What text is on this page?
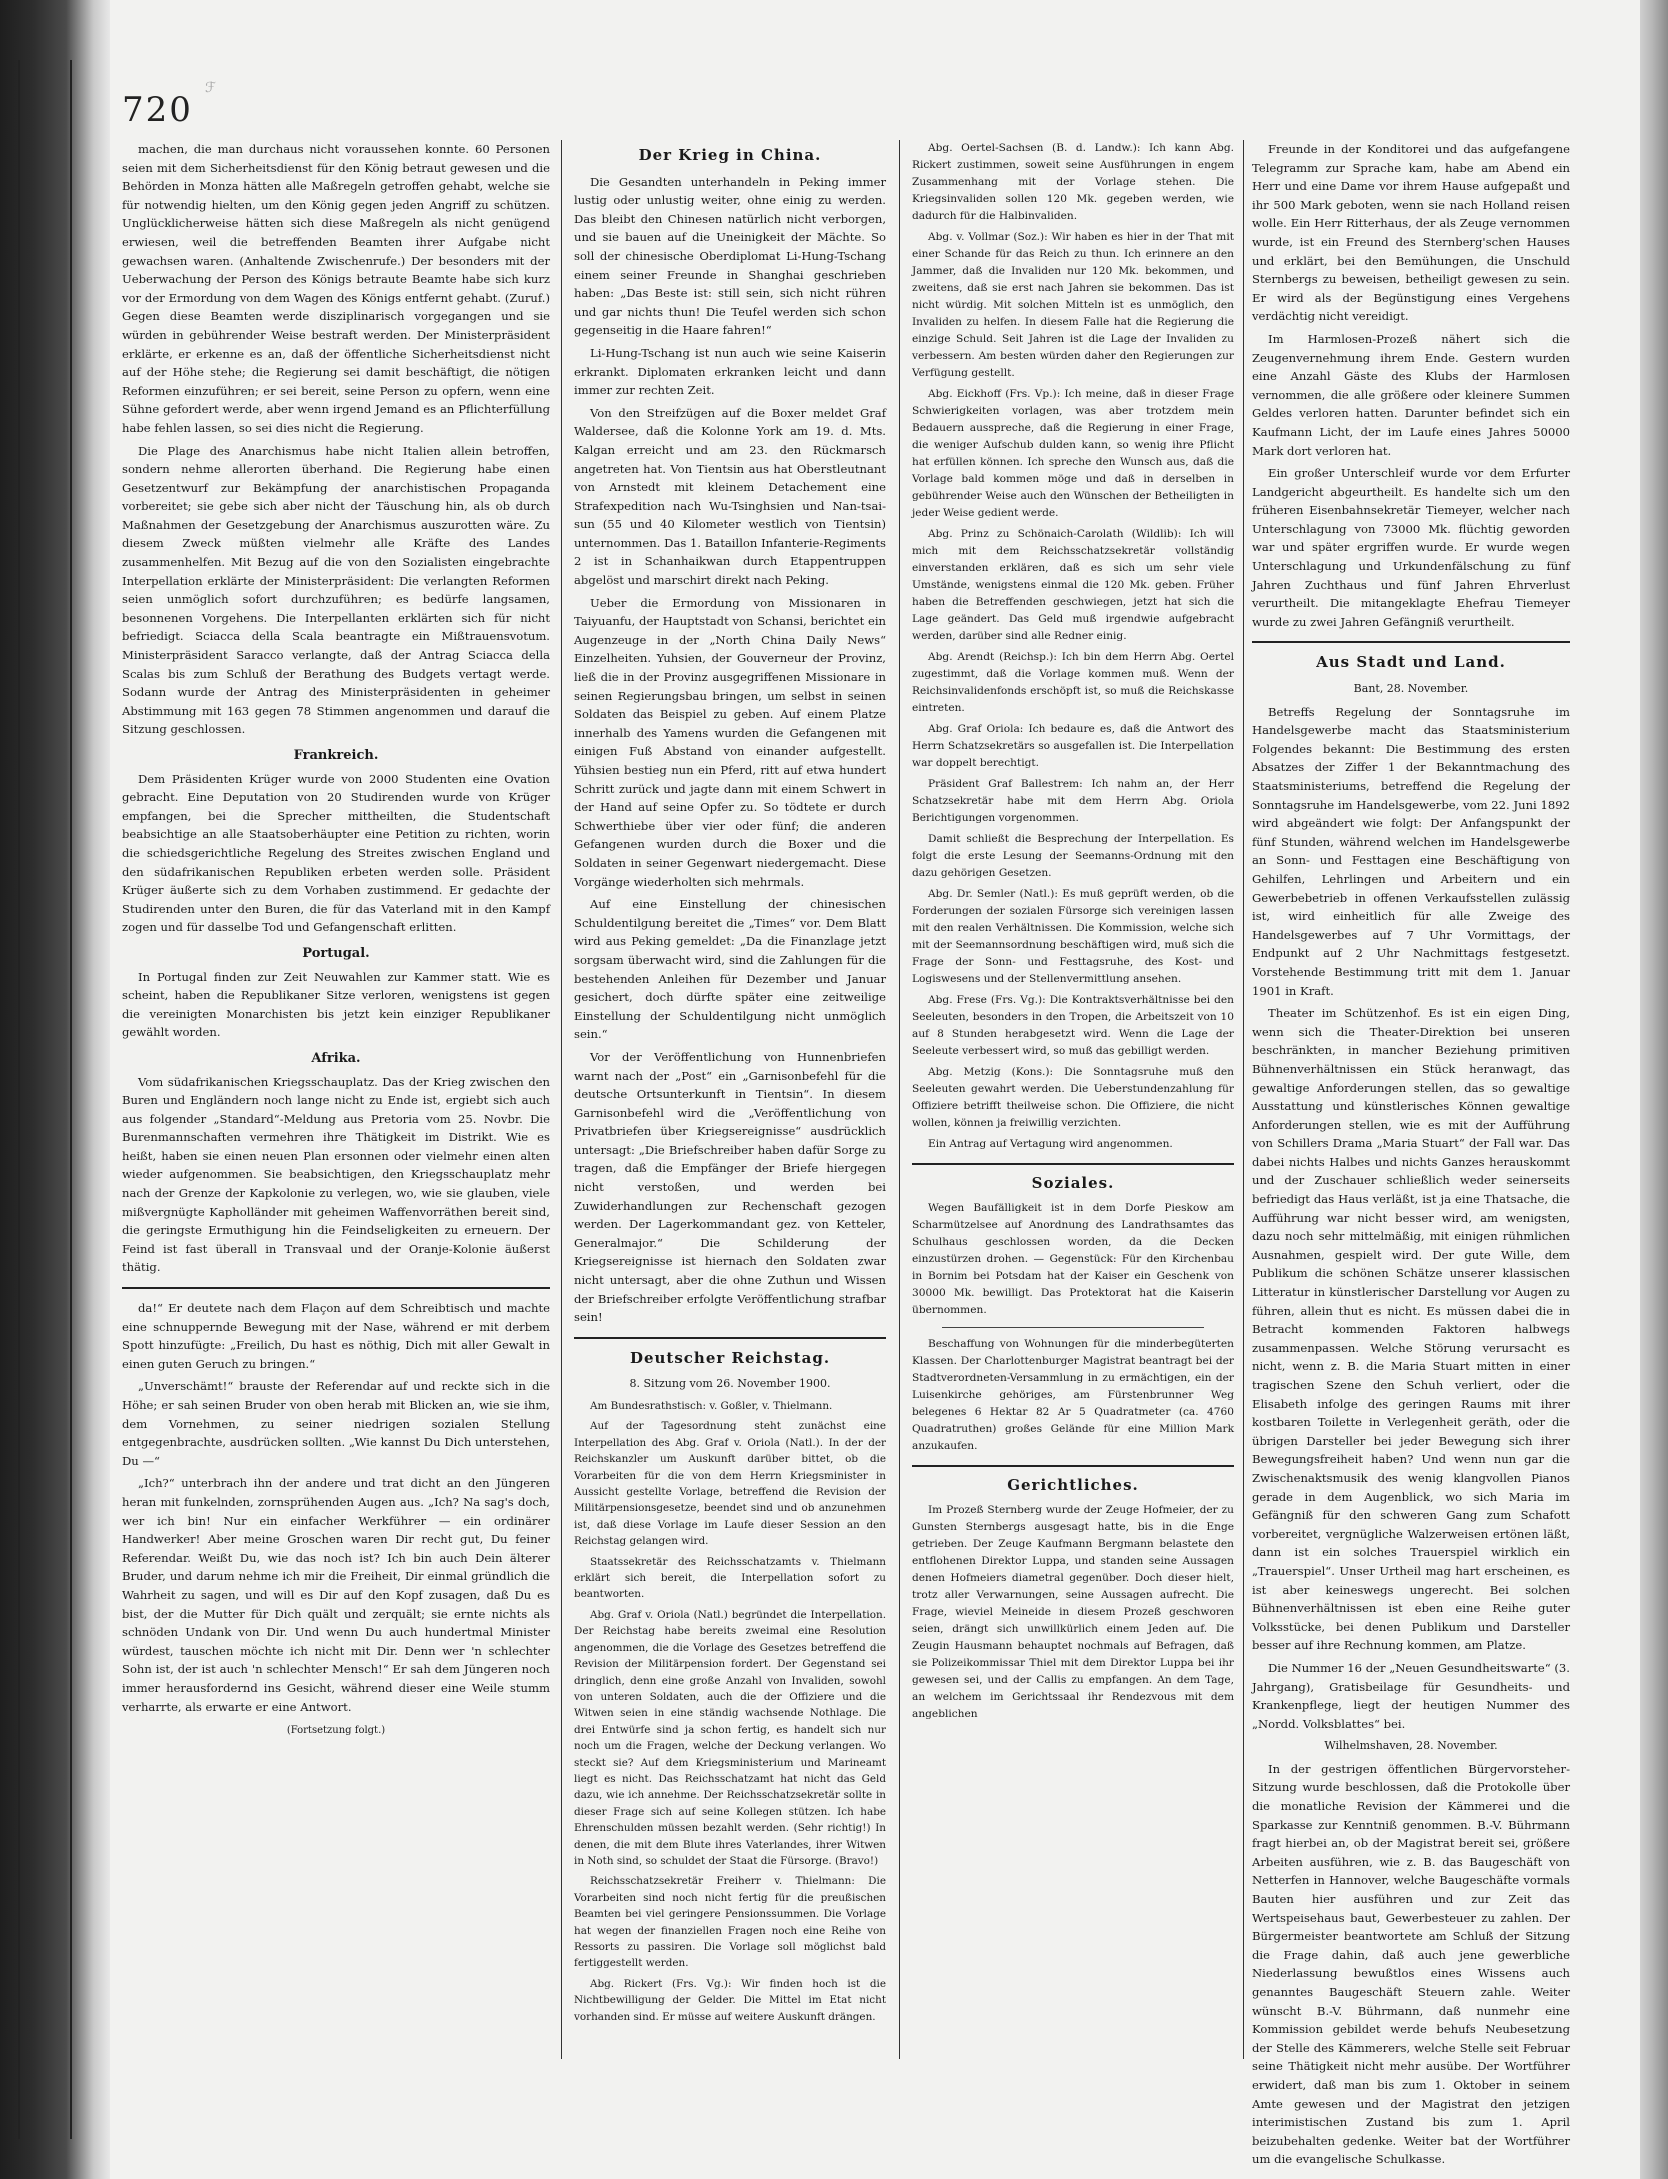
720
ℱ

machen, die man durchaus nicht voraussehen konnte. 60 Personen seien mit dem Sicherheitsdienst für den König betraut gewesen und die Behörden in Monza hätten alle Maßregeln getroffen gehabt, welche sie für notwendig hielten, um den König gegen jeden Angriff zu schützen. Unglücklicherweise hätten sich diese Maßregeln als nicht genügend erwiesen, weil die betreffenden Beamten ihrer Aufgabe nicht gewachsen waren. (Anhaltende Zwischenrufe.) Der besonders mit der Ueberwachung der Person des Königs betraute Beamte habe sich kurz vor der Ermordung von dem Wagen des Königs entfernt gehabt. (Zuruf.) Gegen diese Beamten werde disziplinarisch vorgegangen und sie würden in gebührender Weise bestraft werden. Der Ministerpräsident erklärte, er erkenne es an, daß der öffentliche Sicherheitsdienst nicht auf der Höhe stehe; die Regierung sei damit beschäftigt, die nötigen Reformen einzuführen; er sei bereit, seine Person zu opfern, wenn eine Sühne gefordert werde, aber wenn irgend Jemand es an Pflichterfüllung habe fehlen lassen, so sei dies nicht die Regierung.

Die Plage des Anarchismus habe nicht Italien allein betroffen, sondern nehme allerorten überhand. Die Regierung habe einen Gesetzentwurf zur Bekämpfung der anarchistischen Propaganda vorbereitet; sie gebe sich aber nicht der Täuschung hin, als ob durch Maßnahmen der Gesetzgebung der Anarchismus auszurotten wäre. Zu diesem Zweck müßten vielmehr alle Kräfte des Landes zusammenhelfen. Mit Bezug auf die von den Sozialisten eingebrachte Interpellation erklärte der Ministerpräsident: Die verlangten Reformen seien unmöglich sofort durchzuführen; es bedürfe langsamen, besonnenen Vorgehens. Die Interpellanten erklärten sich für nicht befriedigt. Sciacca della Scala beantragte ein Mißtrauensvotum. Ministerpräsident Saracco verlangte, daß der Antrag Sciacca della Scalas bis zum Schluß der Berathung des Budgets vertagt werde. Sodann wurde der Antrag des Ministerpräsidenten in geheimer Abstimmung mit 163 gegen 78 Stimmen angenommen und darauf die Sitzung geschlossen.

Frankreich.

Dem Präsidenten Krüger wurde von 2000 Studenten eine Ovation gebracht. Eine Deputation von 20 Studirenden wurde von Krüger empfangen, bei die Sprecher mittheilten, die Studentschaft beabsichtige an alle Staatsoberhäupter eine Petition zu richten, worin die schiedsgerichtliche Regelung des Streites zwischen England und den südafrikanischen Republiken erbeten werden solle. Präsident Krüger äußerte sich zu dem Vorhaben zustimmend. Er gedachte der Studirenden unter den Buren, die für das Vaterland mit in den Kampf zogen und für dasselbe Tod und Gefangenschaft erlitten.

Portugal.

In Portugal finden zur Zeit Neuwahlen zur Kammer statt. Wie es scheint, haben die Republikaner Sitze verloren, wenigstens ist gegen die vereinigten Monarchisten bis jetzt kein einziger Republikaner gewählt worden.

Afrika.

Vom südafrikanischen Kriegsschauplatz. Das der Krieg zwischen den Buren und Engländern noch lange nicht zu Ende ist, ergiebt sich auch aus folgender „Standard“-Meldung aus Pretoria vom 25. Novbr. Die Burenmannschaften vermehren ihre Thätigkeit im Distrikt. Wie es heißt, haben sie einen neuen Plan ersonnen oder vielmehr einen alten wieder aufgenommen. Sie beabsichtigen, den Kriegsschauplatz mehr nach der Grenze der Kapkolonie zu verlegen, wo, wie sie glauben, viele mißvergnügte Kapholländer mit geheimen Waffenvorräthen bereit sind, die geringste Ermuthigung hin die Feindseligkeiten zu erneuern. Der Feind ist fast überall in Transvaal und der Oranje-Kolonie äußerst thätig.

da!“ Er deutete nach dem Flaçon auf dem Schreibtisch und machte eine schnuppernde Bewegung mit der Nase, während er mit derbem Spott hinzufügte: „Freilich, Du hast es nöthig, Dich mit aller Gewalt in einen guten Geruch zu bringen.“

„Unverschämt!“ brauste der Referendar auf und reckte sich in die Höhe; er sah seinen Bruder von oben herab mit Blicken an, wie sie ihm, dem Vornehmen, zu seiner niedrigen sozialen Stellung entgegenbrachte, ausdrücken sollten. „Wie kannst Du Dich unterstehen, Du —“

„Ich?“ unterbrach ihn der andere und trat dicht an den Jüngeren heran mit funkelnden, zornsprühenden Augen aus. „Ich? Na sag's doch, wer ich bin! Nur ein einfacher Werkführer — ein ordinärer Handwerker! Aber meine Groschen waren Dir recht gut, Du feiner Referendar. Weißt Du, wie das noch ist? Ich bin auch Dein älterer Bruder, und darum nehme ich mir die Freiheit, Dir einmal gründlich die Wahrheit zu sagen, und will es Dir auf den Kopf zusagen, daß Du es bist, der die Mutter für Dich quält und zerquält; sie ernte nichts als schnöden Undank von Dir. Und wenn Du auch hundertmal Minister würdest, tauschen möchte ich nicht mit Dir. Denn wer 'n schlechter Sohn ist, der ist auch 'n schlechter Mensch!“ Er sah dem Jüngeren noch immer herausfordernd ins Gesicht, während dieser eine Weile stumm verharrte, als erwarte er eine Antwort.

(Fortsetzung folgt.)
Der Krieg in China.

Die Gesandten unterhandeln in Peking immer lustig oder unlustig weiter, ohne einig zu werden. Das bleibt den Chinesen natürlich nicht verborgen, und sie bauen auf die Uneinigkeit der Mächte. So soll der chinesische Oberdiplomat Li-Hung-Tschang einem seiner Freunde in Shanghai geschrieben haben: „Das Beste ist: still sein, sich nicht rühren und gar nichts thun! Die Teufel werden sich schon gegenseitig in die Haare fahren!“

Li-Hung-Tschang ist nun auch wie seine Kaiserin erkrankt. Diplomaten erkranken leicht und dann immer zur rechten Zeit.

Von den Streifzügen auf die Boxer meldet Graf Waldersee, daß die Kolonne York am 19. d. Mts. Kalgan erreicht und am 23. den Rückmarsch angetreten hat. Von Tientsin aus hat Oberstleutnant von Arnstedt mit kleinem Detachement eine Strafexpedition nach Wu-Tsinghsien und Nan-tsai-sun (55 und 40 Kilometer westlich von Tientsin) unternommen. Das 1. Bataillon Infanterie-Regiments 2 ist in Schanhaikwan durch Etappentruppen abgelöst und marschirt direkt nach Peking.

Ueber die Ermordung von Missionaren in Taiyuanfu, der Hauptstadt von Schansi, berichtet ein Augenzeuge in der „North China Daily News“ Einzelheiten. Yuhsien, der Gouverneur der Provinz, ließ die in der Provinz ausgegriffenen Missionare in seinen Regierungsbau bringen, um selbst in seinen Soldaten das Beispiel zu geben. Auf einem Platze innerhalb des Yamens wurden die Gefangenen mit einigen Fuß Abstand von einander aufgestellt. Yühsien bestieg nun ein Pferd, ritt auf etwa hundert Schritt zurück und jagte dann mit einem Schwert in der Hand auf seine Opfer zu. So tödtete er durch Schwerthiebe über vier oder fünf; die anderen Gefangenen wurden durch die Boxer und die Soldaten in seiner Gegenwart niedergemacht. Diese Vorgänge wiederholten sich mehrmals.

Auf eine Einstellung der chinesischen Schuldentilgung bereitet die „Times“ vor. Dem Blatt wird aus Peking gemeldet: „Da die Finanzlage jetzt sorgsam überwacht wird, sind die Zahlungen für die bestehenden Anleihen für Dezember und Januar gesichert, doch dürfte später eine zeitweilige Einstellung der Schuldentilgung nicht unmöglich sein.“

Vor der Veröffentlichung von Hunnenbriefen warnt nach der „Post“ ein „Garnisonbefehl für die deutsche Ortsunterkunft in Tientsin“. In diesem Garnisonbefehl wird die „Veröffentlichung von Privatbriefen über Kriegsereignisse“ ausdrücklich untersagt: „Die Briefschreiber haben dafür Sorge zu tragen, daß die Empfänger der Briefe hiergegen nicht verstoßen, und werden bei Zuwiderhandlungen zur Rechenschaft gezogen werden. Der Lagerkommandant gez. von Ketteler, Generalmajor.“ Die Schilderung der Kriegsereignisse ist hiernach den Soldaten zwar nicht untersagt, aber die ohne Zuthun und Wissen der Briefschreiber erfolgte Veröffentlichung strafbar sein!

Deutscher Reichstag.
8. Sitzung vom 26. November 1900.

Am Bundesrathstisch: v. Goßler, v. Thielmann.

Auf der Tagesordnung steht zunächst eine Interpellation des Abg. Graf v. Oriola (Natl.). In der der Reichskanzler um Auskunft darüber bittet, ob die Vorarbeiten für die von dem Herrn Kriegsminister in Aussicht gestellte Vorlage, betreffend die Revision der Militärpensionsgesetze, beendet sind und ob anzunehmen ist, daß diese Vorlage im Laufe dieser Session an den Reichstag gelangen wird.

Staatssekretär des Reichsschatzamts v. Thielmann erklärt sich bereit, die Interpellation sofort zu beantworten.

Abg. Graf v. Oriola (Natl.) begründet die Interpellation. Der Reichstag habe bereits zweimal eine Resolution angenommen, die die Vorlage des Gesetzes betreffend die Revision der Militärpension fordert. Der Gegenstand sei dringlich, denn eine große Anzahl von Invaliden, sowohl von unteren Soldaten, auch die der Offiziere und die Witwen seien in eine ständig wachsende Nothlage. Die drei Entwürfe sind ja schon fertig, es handelt sich nur noch um die Fragen, welche der Deckung verlangen. Wo steckt sie? Auf dem Kriegsministerium und Marineamt liegt es nicht. Das Reichsschatzamt hat nicht das Geld dazu, wie ich annehme. Der Reichsschatzsekretär sollte in dieser Frage sich auf seine Kollegen stützen. Ich habe Ehrenschulden müssen bezahlt werden. (Sehr richtig!) In denen, die mit dem Blute ihres Vaterlandes, ihrer Witwen in Noth sind, so schuldet der Staat die Fürsorge. (Bravo!)

Reichsschatzsekretär Freiherr v. Thielmann: Die Vorarbeiten sind noch nicht fertig für die preußischen Beamten bei viel geringere Pensionssummen. Die Vorlage hat wegen der finanziellen Fragen noch eine Reihe von Ressorts zu passiren. Die Vorlage soll möglichst bald fertiggestellt werden.

Abg. Rickert (Frs. Vg.): Wir finden hoch ist die Nichtbewilligung der Gelder. Die Mittel im Etat nicht vorhanden sind. Er müsse auf weitere Auskunft drängen.

Abg. Oertel-Sachsen (B. d. Landw.): Ich kann Abg. Rickert zustimmen, soweit seine Ausführungen in engem Zusammenhang mit der Vorlage stehen. Die Kriegsinvaliden sollen 120 Mk. gegeben werden, wie dadurch für die Halbinvaliden.

Abg. v. Vollmar (Soz.): Wir haben es hier in der That mit einer Schande für das Reich zu thun. Ich erinnere an den Jammer, daß die Invaliden nur 120 Mk. bekommen, und zweitens, daß sie erst nach Jahren sie bekommen. Das ist nicht würdig. Mit solchen Mitteln ist es unmöglich, den Invaliden zu helfen. In diesem Falle hat die Regierung die einzige Schuld. Seit Jahren ist die Lage der Invaliden zu verbessern. Am besten würden daher den Regierungen zur Verfügung gestellt.

Abg. Eickhoff (Frs. Vp.): Ich meine, daß in dieser Frage Schwierigkeiten vorlagen, was aber trotzdem mein Bedauern ausspreche, daß die Regierung in einer Frage, die weniger Aufschub dulden kann, so wenig ihre Pflicht hat erfüllen können. Ich spreche den Wunsch aus, daß die Vorlage bald kommen möge und daß in derselben in gebührender Weise auch den Wünschen der Betheiligten in jeder Weise gedient werde.

Abg. Prinz zu Schönaich-Carolath (Wildlib): Ich will mich mit dem Reichsschatzsekretär vollständig einverstanden erklären, daß es sich um sehr viele Umstände, wenigstens einmal die 120 Mk. geben. Früher haben die Betreffenden geschwiegen, jetzt hat sich die Lage geändert. Das Geld muß irgendwie aufgebracht werden, darüber sind alle Redner einig.

Abg. Arendt (Reichsp.): Ich bin dem Herrn Abg. Oertel zugestimmt, daß die Vorlage kommen muß. Wenn der Reichsinvalidenfonds erschöpft ist, so muß die Reichskasse eintreten.

Abg. Graf Oriola: Ich bedaure es, daß die Antwort des Herrn Schatzsekretärs so ausgefallen ist. Die Interpellation war doppelt berechtigt.

Präsident Graf Ballestrem: Ich nahm an, der Herr Schatzsekretär habe mit dem Herrn Abg. Oriola Berichtigungen vorgenommen.

Damit schließt die Besprechung der Interpellation. Es folgt die erste Lesung der Seemanns-Ordnung mit den dazu gehörigen Gesetzen.

Abg. Dr. Semler (Natl.): Es muß geprüft werden, ob die Forderungen der sozialen Fürsorge sich vereinigen lassen mit den realen Verhältnissen. Die Kommission, welche sich mit der Seemannsordnung beschäftigen wird, muß sich die Frage der Sonn- und Festtagsruhe, des Kost- und Logiswesens und der Stellenvermittlung ansehen.

Abg. Frese (Frs. Vg.): Die Kontraktsverhältnisse bei den Seeleuten, besonders in den Tropen, die Arbeitszeit von 10 auf 8 Stunden herabgesetzt wird. Wenn die Lage der Seeleute verbessert wird, so muß das gebilligt werden.

Abg. Metzig (Kons.): Die Sonntagsruhe muß den Seeleuten gewahrt werden. Die Ueberstundenzahlung für Offiziere betrifft theilweise schon. Die Offiziere, die nicht wollen, können ja freiwillig verzichten.

Ein Antrag auf Vertagung wird angenommen.

Soziales.

Wegen Baufälligkeit ist in dem Dorfe Pieskow am Scharmützelsee auf Anordnung des Landrathsamtes das Schulhaus geschlossen worden, da die Decken einzustürzen drohen. — Gegenstück: Für den Kirchenbau in Bornim bei Potsdam hat der Kaiser ein Geschenk von 30000 Mk. bewilligt. Das Protektorat hat die Kaiserin übernommen.

Beschaffung von Wohnungen für die minderbegüterten Klassen. Der Charlottenburger Magistrat beantragt bei der Stadtverordneten-Versammlung in zu ermächtigen, ein der Luisenkirche gehöriges, am Fürstenbrunner Weg belegenes 6 Hektar 82 Ar 5 Quadratmeter (ca. 4760 Quadratruthen) großes Gelände für eine Million Mark anzukaufen.

Gerichtliches.

Im Prozeß Sternberg wurde der Zeuge Hofmeier, der zu Gunsten Sternbergs ausgesagt hatte, bis in die Enge getrieben. Der Zeuge Kaufmann Bergmann belastete den entflohenen Direktor Luppa, und standen seine Aussagen denen Hofmeiers diametral gegenüber. Doch dieser hielt, trotz aller Verwarnungen, seine Aussagen aufrecht. Die Frage, wieviel Meineide in diesem Prozeß geschworen seien, drängt sich unwillkürlich einem Jeden auf. Die Zeugin Hausmann behauptet nochmals auf Befragen, daß sie Polizeikommissar Thiel mit dem Direktor Luppa bei ihr gewesen sei, und der Callis zu empfangen. An dem Tage, an welchem im Gerichtssaal ihr Rendezvous mit dem angeblichen

Freunde in der Konditorei und das aufgefangene Telegramm zur Sprache kam, habe am Abend ein Herr und eine Dame vor ihrem Hause aufgepaßt und ihr 500 Mark geboten, wenn sie nach Holland reisen wolle. Ein Herr Ritterhaus, der als Zeuge vernommen wurde, ist ein Freund des Sternberg'schen Hauses und erklärt, bei den Bemühungen, die Unschuld Sternbergs zu beweisen, betheiligt gewesen zu sein. Er wird als der Begünstigung eines Vergehens verdächtig nicht vereidigt.

Im Harmlosen-Prozeß nähert sich die Zeugenvernehmung ihrem Ende. Gestern wurden eine Anzahl Gäste des Klubs der Harmlosen vernommen, die alle größere oder kleinere Summen Geldes verloren hatten. Darunter befindet sich ein Kaufmann Licht, der im Laufe eines Jahres 50000 Mark dort verloren hat.

Ein großer Unterschleif wurde vor dem Erfurter Landgericht abgeurtheilt. Es handelte sich um den früheren Eisenbahnsekretär Tiemeyer, welcher nach Unterschlagung von 73000 Mk. flüchtig geworden war und später ergriffen wurde. Er wurde wegen Unterschlagung und Urkundenfälschung zu fünf Jahren Zuchthaus und fünf Jahren Ehrverlust verurtheilt. Die mitangeklagte Ehefrau Tiemeyer wurde zu zwei Jahren Gefängniß verurtheilt.

Aus Stadt und Land.
Bant, 28. November.

Betreffs Regelung der Sonntagsruhe im Handelsgewerbe macht das Staatsministerium Folgendes bekannt: Die Bestimmung des ersten Absatzes der Ziffer 1 der Bekanntmachung des Staatsministeriums, betreffend die Regelung der Sonntagsruhe im Handelsgewerbe, vom 22. Juni 1892 wird abgeändert wie folgt: Der Anfangspunkt der fünf Stunden, während welchen im Handelsgewerbe an Sonn- und Festtagen eine Beschäftigung von Gehilfen, Lehrlingen und Arbeitern und ein Gewerbebetrieb in offenen Verkaufsstellen zulässig ist, wird einheitlich für alle Zweige des Handelsgewerbes auf 7 Uhr Vormittags, der Endpunkt auf 2 Uhr Nachmittags festgesetzt. Vorstehende Bestimmung tritt mit dem 1. Januar 1901 in Kraft.

Theater im Schützenhof. Es ist ein eigen Ding, wenn sich die Theater-Direktion bei unseren beschränkten, in mancher Beziehung primitiven Bühnenverhältnissen ein Stück heranwagt, das gewaltige Anforderungen stellen, das so gewaltige Ausstattung und künstlerisches Können gewaltige Anforderungen stellen, wie es mit der Aufführung von Schillers Drama „Maria Stuart“ der Fall war. Das dabei nichts Halbes und nichts Ganzes herauskommt und der Zuschauer schließlich weder seinerseits befriedigt das Haus verläßt, ist ja eine Thatsache, die Aufführung war nicht besser wird, am wenigsten, dazu noch sehr mittelmäßig, mit einigen rühmlichen Ausnahmen, gespielt wird. Der gute Wille, dem Publikum die schönen Schätze unserer klassischen Litteratur in künstlerischer Darstellung vor Augen zu führen, allein thut es nicht. Es müssen dabei die in Betracht kommenden Faktoren halbwegs zusammenpassen. Welche Störung verursacht es nicht, wenn z. B. die Maria Stuart mitten in einer tragischen Szene den Schuh verliert, oder die Elisabeth infolge des geringen Raums mit ihrer kostbaren Toilette in Verlegenheit geräth, oder die übrigen Darsteller bei jeder Bewegung sich ihrer Bewegungsfreiheit haben? Und wenn nun gar die Zwischenaktsmusik des wenig klangvollen Pianos gerade in dem Augenblick, wo sich Maria im Gefängniß für den schweren Gang zum Schafott vorbereitet, vergnügliche Walzerweisen ertönen läßt, dann ist ein solches Trauerspiel wirklich ein „Trauerspiel“. Unser Urtheil mag hart erscheinen, es ist aber keineswegs ungerecht. Bei solchen Bühnenverhältnissen ist eben eine Reihe guter Volksstücke, bei denen Publikum und Darsteller besser auf ihre Rechnung kommen, am Platze.

Die Nummer 16 der „Neuen Gesundheitswarte“ (3. Jahrgang), Gratisbeilage für Gesundheits- und Krankenpflege, liegt der heutigen Nummer des „Nordd. Volksblattes“ bei.

Wilhelmshaven, 28. November.

In der gestrigen öffentlichen Bürgervorsteher-Sitzung wurde beschlossen, daß die Protokolle über die monatliche Revision der Kämmerei und die Sparkasse zur Kenntniß genommen. B.-V. Bührmann fragt hierbei an, ob der Magistrat bereit sei, größere Arbeiten ausführen, wie z. B. das Baugeschäft von Netterfen in Hannover, welche Baugeschäfte vormals Bauten hier ausführen und zur Zeit das Wertspeisehaus baut, Gewerbesteuer zu zahlen. Der Bürgermeister beantwortete am Schluß der Sitzung die Frage dahin, daß auch jene gewerbliche Niederlassung bewußtlos eines Wissens auch genanntes Baugeschäft Steuern zahle. Weiter wünscht B.-V. Bührmann, daß nunmehr eine Kommission gebildet werde behufs Neubesetzung der Stelle des Kämmerers, welche Stelle seit Februar seine Thätigkeit nicht mehr ausübe. Der Wortführer erwidert, daß man bis zum 1. Oktober in seinem Amte gewesen und der Magistrat den jetzigen interimistischen Zustand bis zum 1. April beizubehalten gedenke. Weiter bat der Wortführer um die evangelische Schulkasse.
